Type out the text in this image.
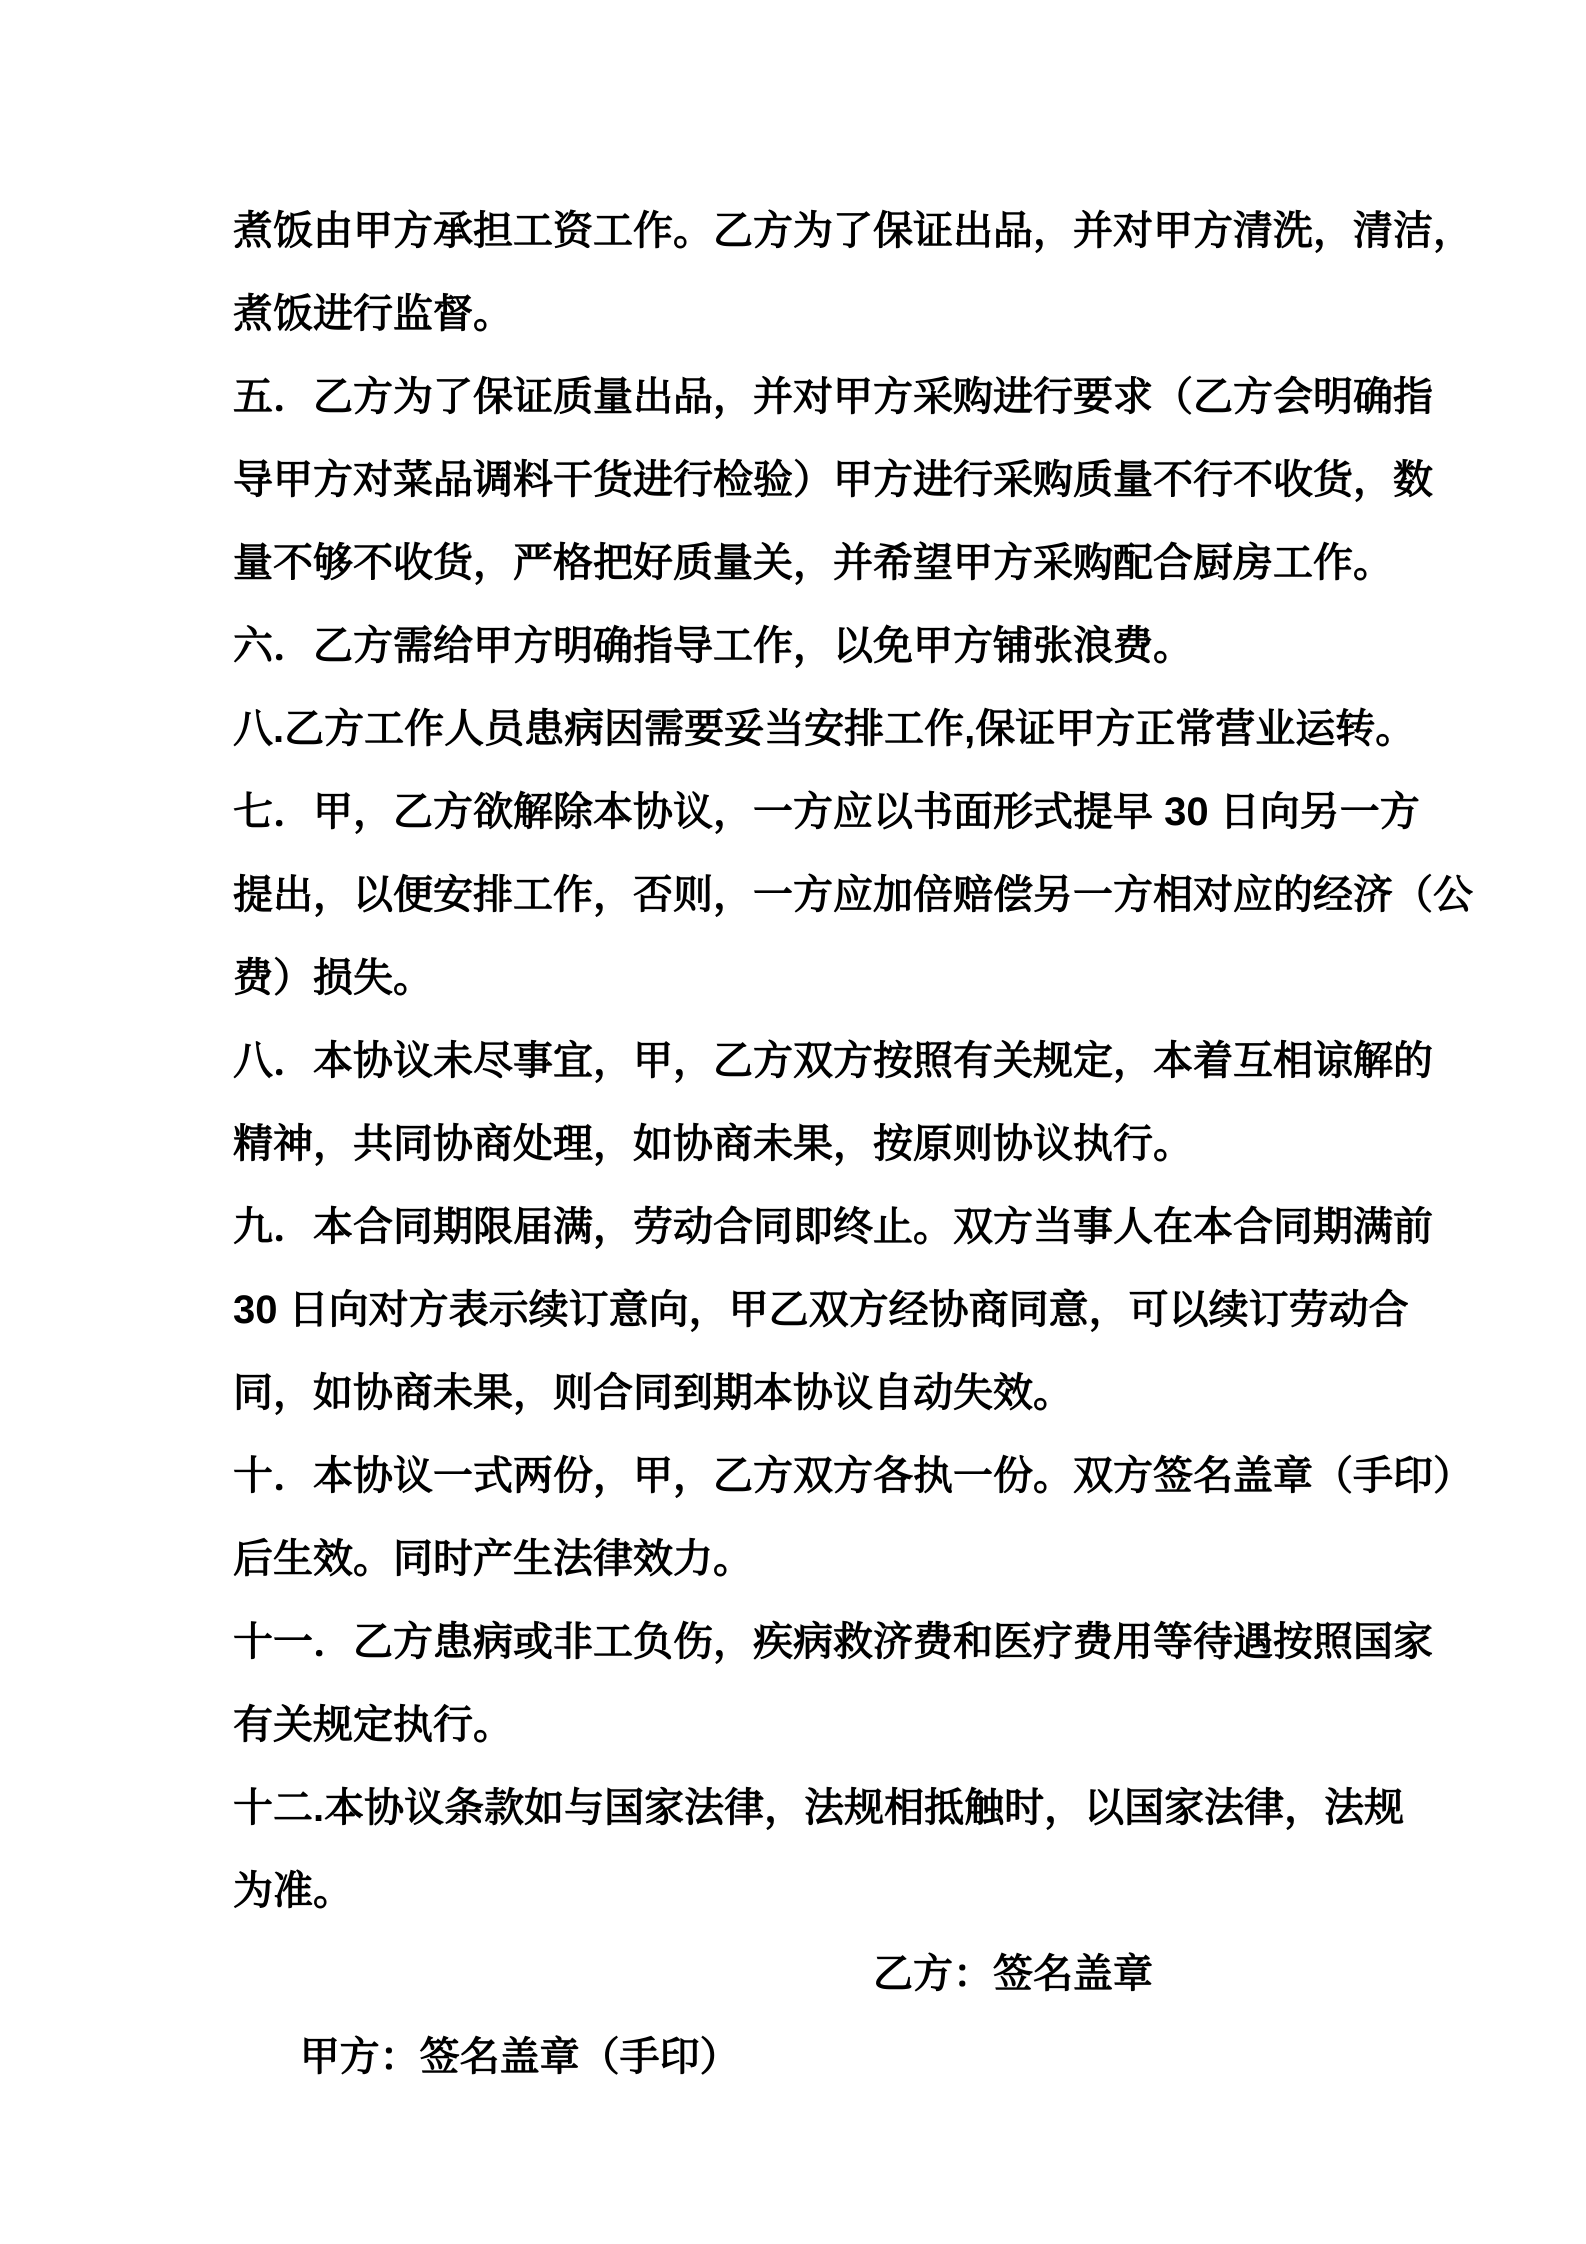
煮饭由甲方承担工资工作。乙方为了保证出品，并对甲方清洗，清洁，
煮饭进行监督。
五．乙方为了保证质量出品，并对甲方采购进行要求（乙方会明确指
导甲方对菜品调料干货进行检验）甲方进行采购质量不行不收货，数
量不够不收货，严格把好质量关，并希望甲方采购配合厨房工作。
六．乙方需给甲方明确指导工作，以免甲方铺张浪费。
八.乙方工作人员患病因需要妥当安排工作,保证甲方正常营业运转。
七．甲，乙方欲解除本协议，一方应以书面形式提早 30 日向另一方
提出，以便安排工作，否则，一方应加倍赔偿另一方相对应的经济（公
费）损失。
八．本协议未尽事宜，甲，乙方双方按照有关规定，本着互相谅解的
精神，共同协商处理，如协商未果，按原则协议执行。
九．本合同期限届满，劳动合同即终止。双方当事人在本合同期满前
30 日向对方表示续订意向，甲乙双方经协商同意，可以续订劳动合
同，如协商未果，则合同到期本协议自动失效。
十．本协议一式两份，甲，乙方双方各执一份。双方签名盖章（手印）
后生效。同时产生法律效力。
十一．乙方患病或非工负伤，疾病救济费和医疗费用等待遇按照国家
有关规定执行。
十二.本协议条款如与国家法律，法规相抵触时，以国家法律，法规
为准。

甲方：签名盖章（手印）

乙方：签名盖章
